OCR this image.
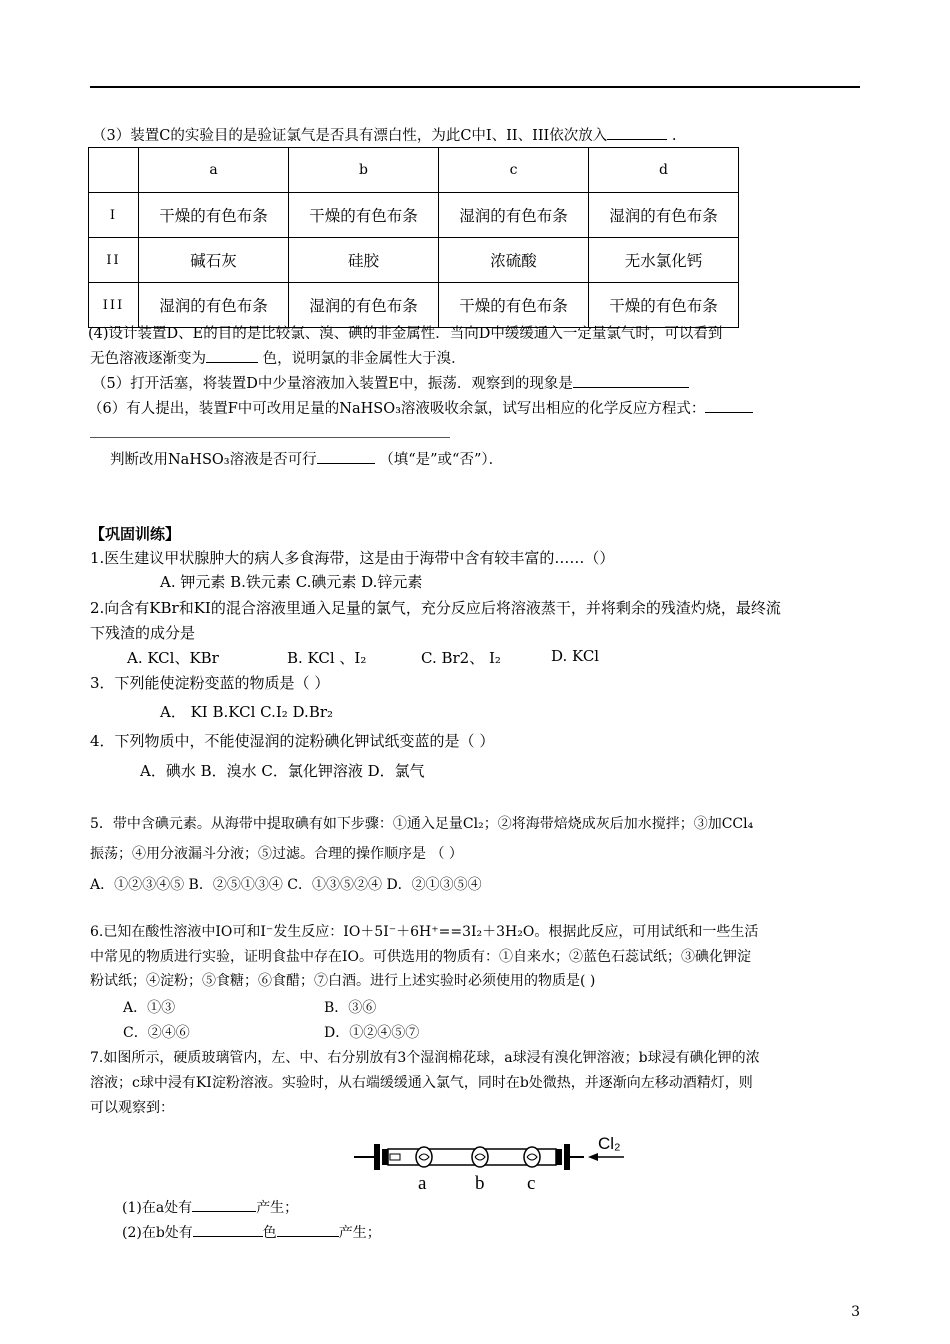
（3）装置C的实验目的是验证氯气是否具有漂白性，为此C中I、II、III依次放入	.
	a	b	c	d
I	干燥的有色布条	干燥的有色布条	湿润的有色布条	湿润的有色布条
II	碱石灰	硅胶	浓硫酸	无水氯化钙
III	湿润的有色布条	湿润的有色布条	干燥的有色布条	干燥的有色布条
(4)设计装置D、E的目的是比较氯、溴、碘的非金属性．当向D中缓缓通入一定量氯气时，可以看到
无色溶液逐渐变为	色，说明氯的非金属性大于溴．
（5）打开活塞，将装置D中少量溶液加入装置E中，振荡．观察到的现象是
（6）有人提出，装置F中可改用足量的NaHSO₃溶液吸收余氯，试写出相应的化学反应方程式：
判断改用NaHSO₃溶液是否可行	（填“是”或“否”）．
【巩固训练】
1.医生建议甲状腺肿大的病人多食海带，这是由于海带中含有较丰富的……（）
A. 钾元素 B.铁元素 C.碘元素 D.锌元素
2.向含有KBr和KI的混合溶液里通入足量的氯气，充分反应后将溶液蒸干，并将剩余的残渣灼烧，最终流
下残渣的成分是
A. KCl、KBr	B. KCl 、I₂	C. Br2、 I₂	D. KCl
3．下列能使淀粉变蓝的物质是（ ）
A． KI B.KCl C.I₂ D.Br₂
4．下列物质中，不能使湿润的淀粉碘化钾试纸变蓝的是（ ）
A．碘水 B．溴水 C．氯化钾溶液 D．氯气
5．带中含碘元素。从海带中提取碘有如下步骤：①通入足量Cl₂；②将海带焙烧成灰后加水搅拌；③加CCl₄
振荡；④用分液漏斗分液；⑤过滤。合理的操作顺序是 （ ）
A．①②③④⑤ B．②⑤①③④ C．①③⑤②④ D．②①③⑤④
6.已知在酸性溶液中IO可和I⁻发生反应：IO＋5I⁻＋6H⁺==3I₂＋3H₂O。根据此反应，可用试纸和一些生活
中常见的物质进行实验，证明食盐中存在IO。可供选用的物质有：①自来水；②蓝色石蕊试纸；③碘化钾淀
粉试纸；④淀粉；⑤食糖；⑥食醋；⑦白酒。进行上述实验时必须使用的物质是( )
A．①③	B．③⑥
C．②④⑥	D．①②④⑤⑦
7.如图所示，硬质玻璃管内，左、中、右分别放有3个湿润棉花球，a球浸有溴化钾溶液；b球浸有碘化钾的浓
溶液；c球中浸有KI淀粉溶液。实验时，从右端缓缓通入氯气，同时在b处微热，并逐渐向左移动酒精灯，则
可以观察到：
Cl₂
a	b c
(1)在a处有	产生；
(2)在b处有	色	产生；
3
